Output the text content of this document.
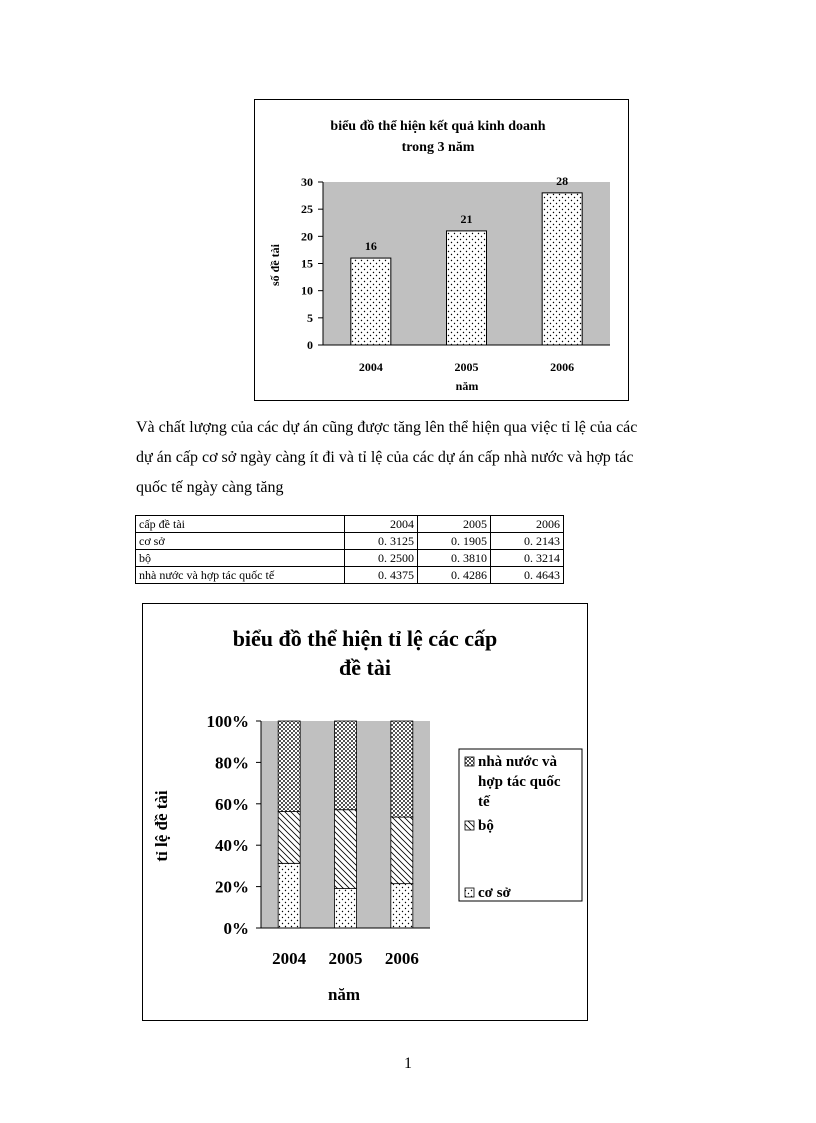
biểu đồ thể hiện kết quả kinh doanh
trong 3 năm
0
5
10
15
20
25
30
16
2004
21
2005
28
2006
số đề tài
năm

Và chất lượng của các dự án cũng được tăng lên thể hiện qua việc tỉ lệ của các
dự án cấp cơ sở ngày càng ít đi và tỉ lệ của các dự án cấp nhà nước và hợp tác
quốc tế ngày càng tăng

cấp đề tài	2004	2005	2006
cơ sở	0. 3125	0. 1905	0. 2143
bộ	0. 2500	0. 3810	0. 3214
nhà nước và hợp tác quốc tế	0. 4375	0. 4286	0. 4643
biểu đồ thể hiện tỉ lệ các cấp
đề tài
0%
20%
40%
60%
80%
100%
2004 2005 2006
tỉ lệ đề tài
năm
nhà nước và
hợp tác quốc
tế
bộ
cơ sở
1
